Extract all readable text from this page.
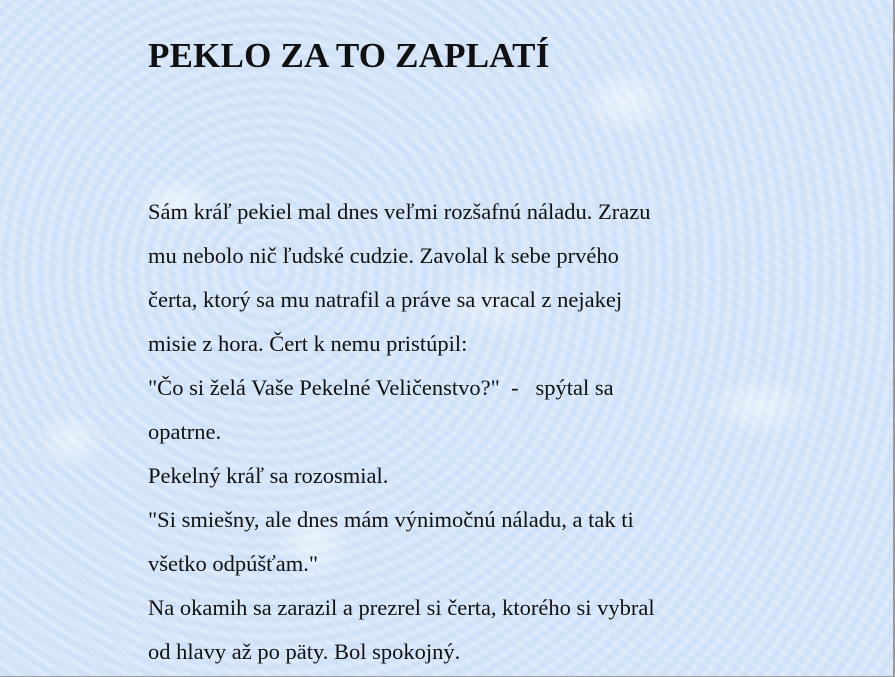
PEKLO ZA TO ZAPLATÍ
Sám kráľ pekiel mal dnes veľmi rozšafnú náladu. Zrazu
mu nebolo nič ľudské cudzie. Zavolal k sebe prvého
čerta, ktorý sa mu natrafil a práve sa vracal z nejakej
misie z hora. Čert k nemu pristúpil:
"Čo si želá Vaše Pekelné Veličenstvo?"  -   spýtal sa
opatrne.
Pekelný kráľ sa rozosmial.
"Si smiešny, ale dnes mám výnimočnú náladu, a tak ti
všetko odpúšťam."
Na okamih sa zarazil a prezrel si čerta, ktorého si vybral
od hlavy až po päty. Bol spokojný.
